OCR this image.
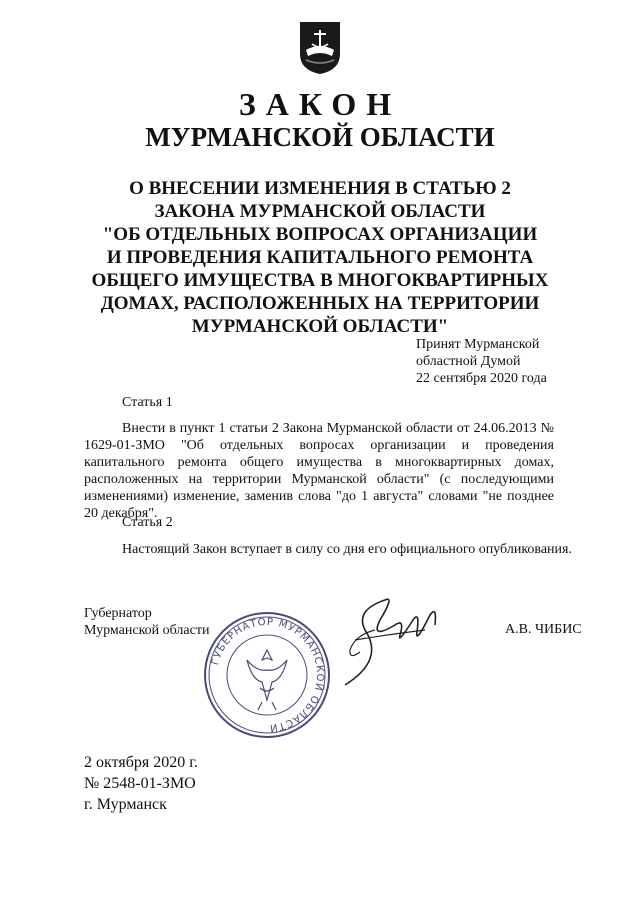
ЗАКОН
МУРМАНСКОЙ ОБЛАСТИ
О ВНЕСЕНИИ ИЗМЕНЕНИЯ В СТАТЬЮ 2
ЗАКОНА МУРМАНСКОЙ ОБЛАСТИ
"ОБ ОТДЕЛЬНЫХ ВОПРОСАХ ОРГАНИЗАЦИИ
И ПРОВЕДЕНИЯ КАПИТАЛЬНОГО РЕМОНТА
ОБЩЕГО ИМУЩЕСТВА В МНОГОКВАРТИРНЫХ
ДОМАХ, РАСПОЛОЖЕННЫХ НА ТЕРРИТОРИИ
МУРМАНСКОЙ ОБЛАСТИ"
Принят Мурманской
областной Думой
22 сентября 2020 года
Статья 1

Внести в пункт 1 статьи 2 Закона Мурманской области от 24.06.2013 № 1629-01-ЗМО "Об отдельных вопросах организации и проведения капитального ремонта общего имущества в многоквартирных домах, расположенных на территории Мурманской области" (с последующими изменениями) изменение, заменив слова "до 1 августа" словами "не позднее 20 декабря".

Статья 2
Настоящий Закон вступает в силу со дня его официального опубликования.
Губернатор
Мурманской области
ГУБЕРНАТОР МУРМАНСКОЙ ОБЛАСТИ
А.В. ЧИБИС
2 октября 2020 г.
№ 2548-01-ЗМО
г. Мурманск
